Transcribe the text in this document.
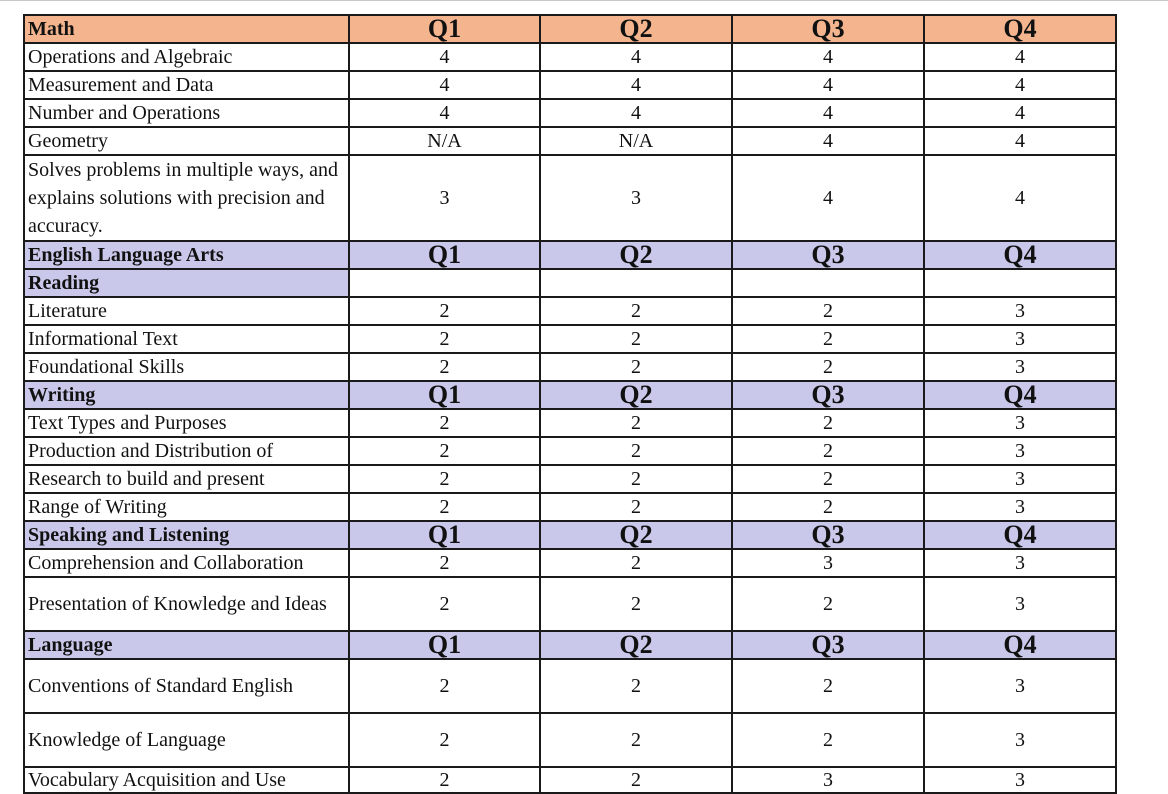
Math	Q1	Q2	Q3	Q4
Operations and Algebraic	4	4	4	4
Measurement and Data	4	4	4	4
Number and Operations	4	4	4	4
Geometry	N/A	N/A	4	4
Solves problems in multiple ways, and explains solutions with precision and accuracy.	3	3	4	4
English Language Arts	Q1	Q2	Q3	Q4
Reading				
Literature	2	2	2	3
Informational Text	2	2	2	3
Foundational Skills	2	2	2	3
Writing	Q1	Q2	Q3	Q4
Text Types and Purposes	2	2	2	3
Production and Distribution of	2	2	2	3
Research to build and present	2	2	2	3
Range of Writing	2	2	2	3
Speaking and Listening	Q1	Q2	Q3	Q4
Comprehension and Collaboration	2	2	3	3
Presentation of Knowledge and Ideas	2	2	2	3
Language	Q1	Q2	Q3	Q4
Conventions of Standard English	2	2	2	3
Knowledge of Language	2	2	2	3
Vocabulary Acquisition and Use	2	2	3	3
